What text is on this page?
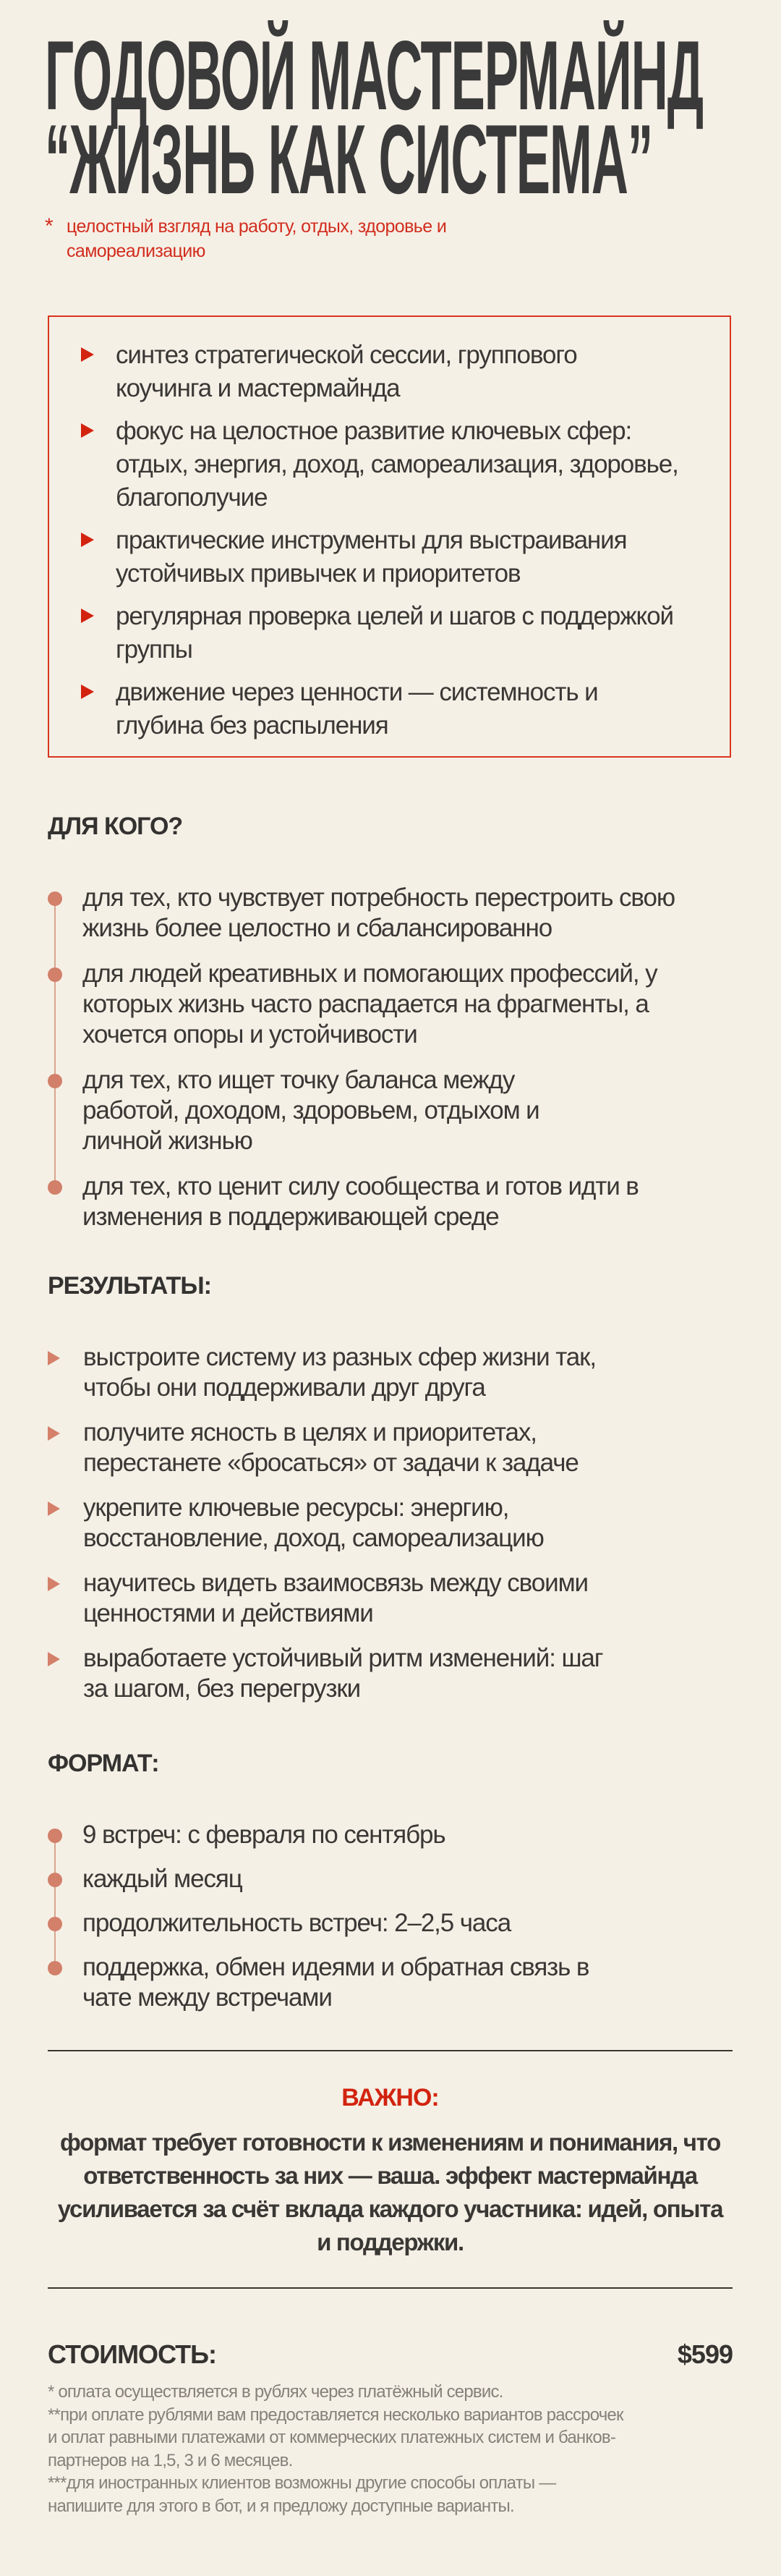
ГОДОВОЙ МАСТЕРМАЙНД
“ЖИЗНЬ КАК СИСТЕМА”
* целостный взгляд на работу, отдых, здоровье и самореализацию
синтез стратегической сессии, группового коучинга и мастермайнда
фокус на целостное развитие ключевых сфер: отдых, энергия, доход, самореализация, здоровье, благополучие
практические инструменты для выстраивания устойчивых привычек и приоритетов
регулярная проверка целей и шагов с поддержкой группы
движение через ценности — системность и глубина без распыления
ДЛЯ КОГО?
для тех, кто чувствует потребность перестроить свою жизнь более целостно и сбалансированно
для людей креативных и помогающих профессий, у которых жизнь часто распадается на фрагменты, а хочется опоры и устойчивости
для тех, кто ищет точку баланса между работой, доходом, здоровьем, отдыхом и личной жизнью
для тех, кто ценит силу сообщества и готов идти в изменения в поддерживающей среде
РЕЗУЛЬТАТЫ:
выстроите систему из разных сфер жизни так, чтобы они поддерживали друг друга
получите ясность в целях и приоритетах, перестанете «бросаться» от задачи к задаче
укрепите ключевые ресурсы: энергию, восстановление, доход, самореализацию
научитесь видеть взаимосвязь между своими ценностями и действиями
выработаете устойчивый ритм изменений: шаг за шагом, без перегрузки
ФОРМАТ:
9 встреч: с февраля по сентябрь
каждый месяц
продолжительность встреч: 2–2,5 часа
поддержка, обмен идеями и обратная связь в чате между встречами
ВАЖНО:
формат требует готовности к изменениям и понимания, что ответственность за них — ваша. эффект мастермайнда усиливается за счёт вклада каждого участника: идей, опыта и поддержки.
СТОИМОСТЬ:	$599
* оплата осуществляется в рублях через платёжный сервис.
**при оплате рублями вам предоставляется несколько вариантов рассрочек и оплат равными платежами от коммерческих платежных систем и банков-партнеров на 1,5, 3 и 6 месяцев.
***для иностранных клиентов возможны другие способы оплаты — напишите для этого в бот, и я предложу доступные варианты.
